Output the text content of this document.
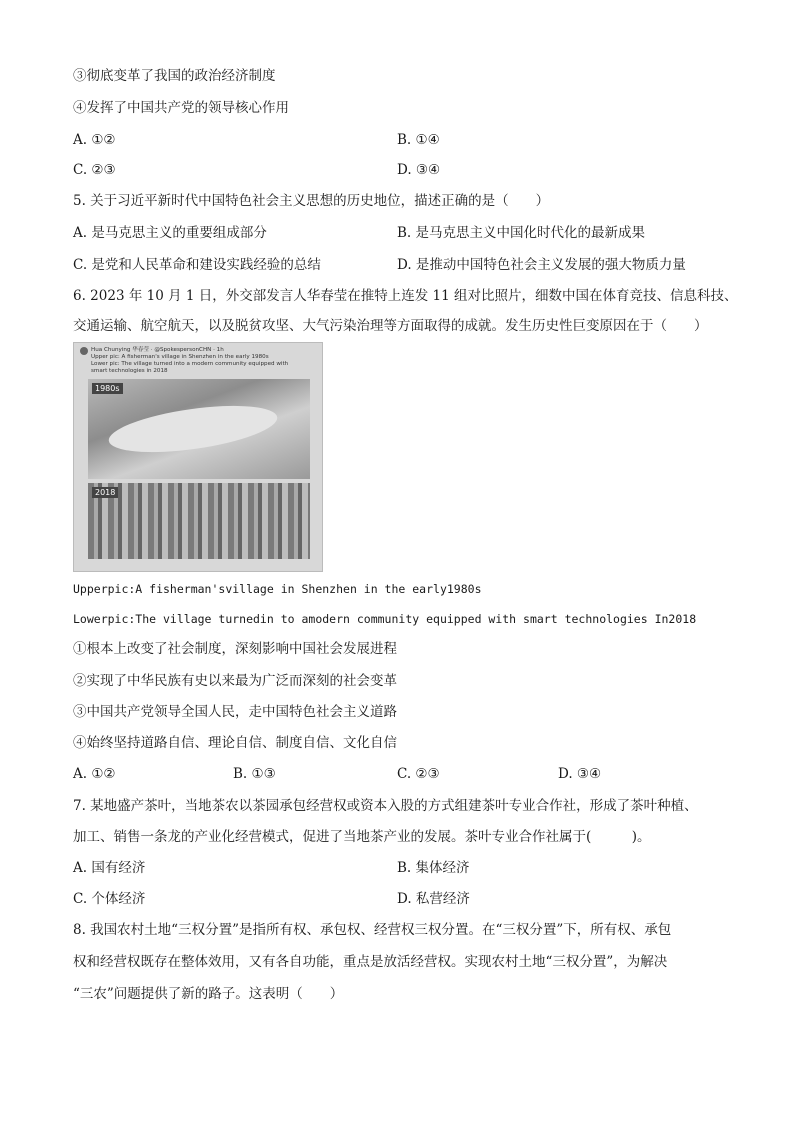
③彻底变革了我国的政治经济制度
④发挥了中国共产党的领导核心作用
A. ①②	B. ①④
C. ②③	D. ③④
5. 关于习近平新时代中国特色社会主义思想的历史地位，描述正确的是（　　）
A. 是马克思主义的重要组成部分	B. 是马克思主义中国化时代化的最新成果
C. 是党和人民革命和建设实践经验的总结	D. 是推动中国特色社会主义发展的强大物质力量
6. 2023 年 10 月 1 日，外交部发言人华春莹在推特上连发 11 组对比照片，细数中国在体育竞技、信息科技、
交通运输、航空航天，以及脱贫攻坚、大气污染治理等方面取得的成就。发生历史性巨变原因在于（　　）
Hua Chunying 华春莹 · @SpokespersonCHN · 1h
Upper pic: A fisherman's village in Shenzhen in the early 1980s
Lower pic: The village turned into a modern community equipped with
smart technologies in 2018
1980s
2018
Upperpic:A fisherman'svillage in Shenzhen in the early1980s
Lowerpic:The village turnedin to amodern community equipped with smart technologies In2018
①根本上改变了社会制度，深刻影响中国社会发展进程
②实现了中华民族有史以来最为广泛而深刻的社会变革
③中国共产党领导全国人民，走中国特色社会主义道路
④始终坚持道路自信、理论自信、制度自信、文化自信
A. ①②	B. ①③	C. ②③	D. ③④
7. 某地盛产茶叶，当地茶农以茶园承包经营权或资本入股的方式组建茶叶专业合作社，形成了茶叶种植、
加工、销售一条龙的产业化经营模式，促进了当地茶产业的发展。茶叶专业合作社属于(　　　)。
A. 国有经济	B. 集体经济
C. 个体经济	D. 私营经济
8. 我国农村土地“三权分置”是指所有权、承包权、经营权三权分置。在“三权分置”下，所有权、承包
权和经营权既存在整体效用，又有各自功能，重点是放活经营权。实现农村土地“三权分置”，为解决
“三农”问题提供了新的路子。这表明（　　）
